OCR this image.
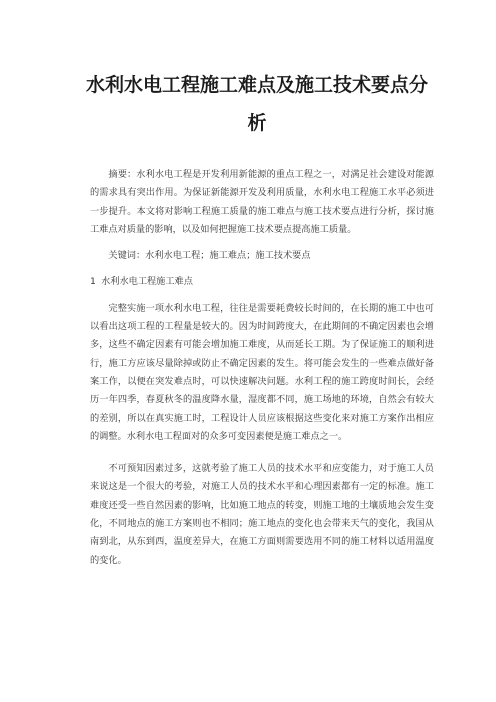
水利水电工程施工难点及施工技术要点分析

摘要：水利水电工程是开发利用新能源的重点工程之一，对满足社会建设对能源的需求具有突出作用。为保证新能源开发及利用质量，水利水电工程施工水平必须进一步提升。本文将对影响工程施工质量的施工难点与施工技术要点进行分析，探讨施工难点对质量的影响，以及如何把握施工技术要点提高施工质量。

关键词：水利水电工程；施工难点；施工技术要点

1 水利水电工程施工难点

完整实施一项水利水电工程，往往是需要耗费较长时间的，在长期的施工中也可以看出这项工程的工程量是较大的。因为时间跨度大，在此期间的不确定因素也会增多，这些不确定因素有可能会增加施工难度，从而延长工期。为了保证施工的顺利进行，施工方应该尽量除掉或防止不确定因素的发生。将可能会发生的一些难点做好备案工作，以便在突发难点时，可以快速解决问题。水利工程的施工跨度时间长，会经历一年四季，春夏秋冬的温度降水量，湿度都不同，施工场地的环境，自然会有较大的差别，所以在真实施工时，工程设计人员应该根据这些变化来对施工方案作出相应的调整。水利水电工程面对的众多可变因素便是施工难点之一。

不可预知因素过多，这就考验了施工人员的技术水平和应变能力，对于施工人员来说这是一个很大的考验，对施工人员的技术水平和心理因素都有一定的标准。施工难度还受一些自然因素的影响，比如施工地点的转变，则施工地的土壤质地会发生变化，不同地点的施工方案则也不相同；施工地点的变化也会带来天气的变化，我国从南到北，从东到西，温度差异大，在施工方面则需要选用不同的施工材料以适用温度的变化。
